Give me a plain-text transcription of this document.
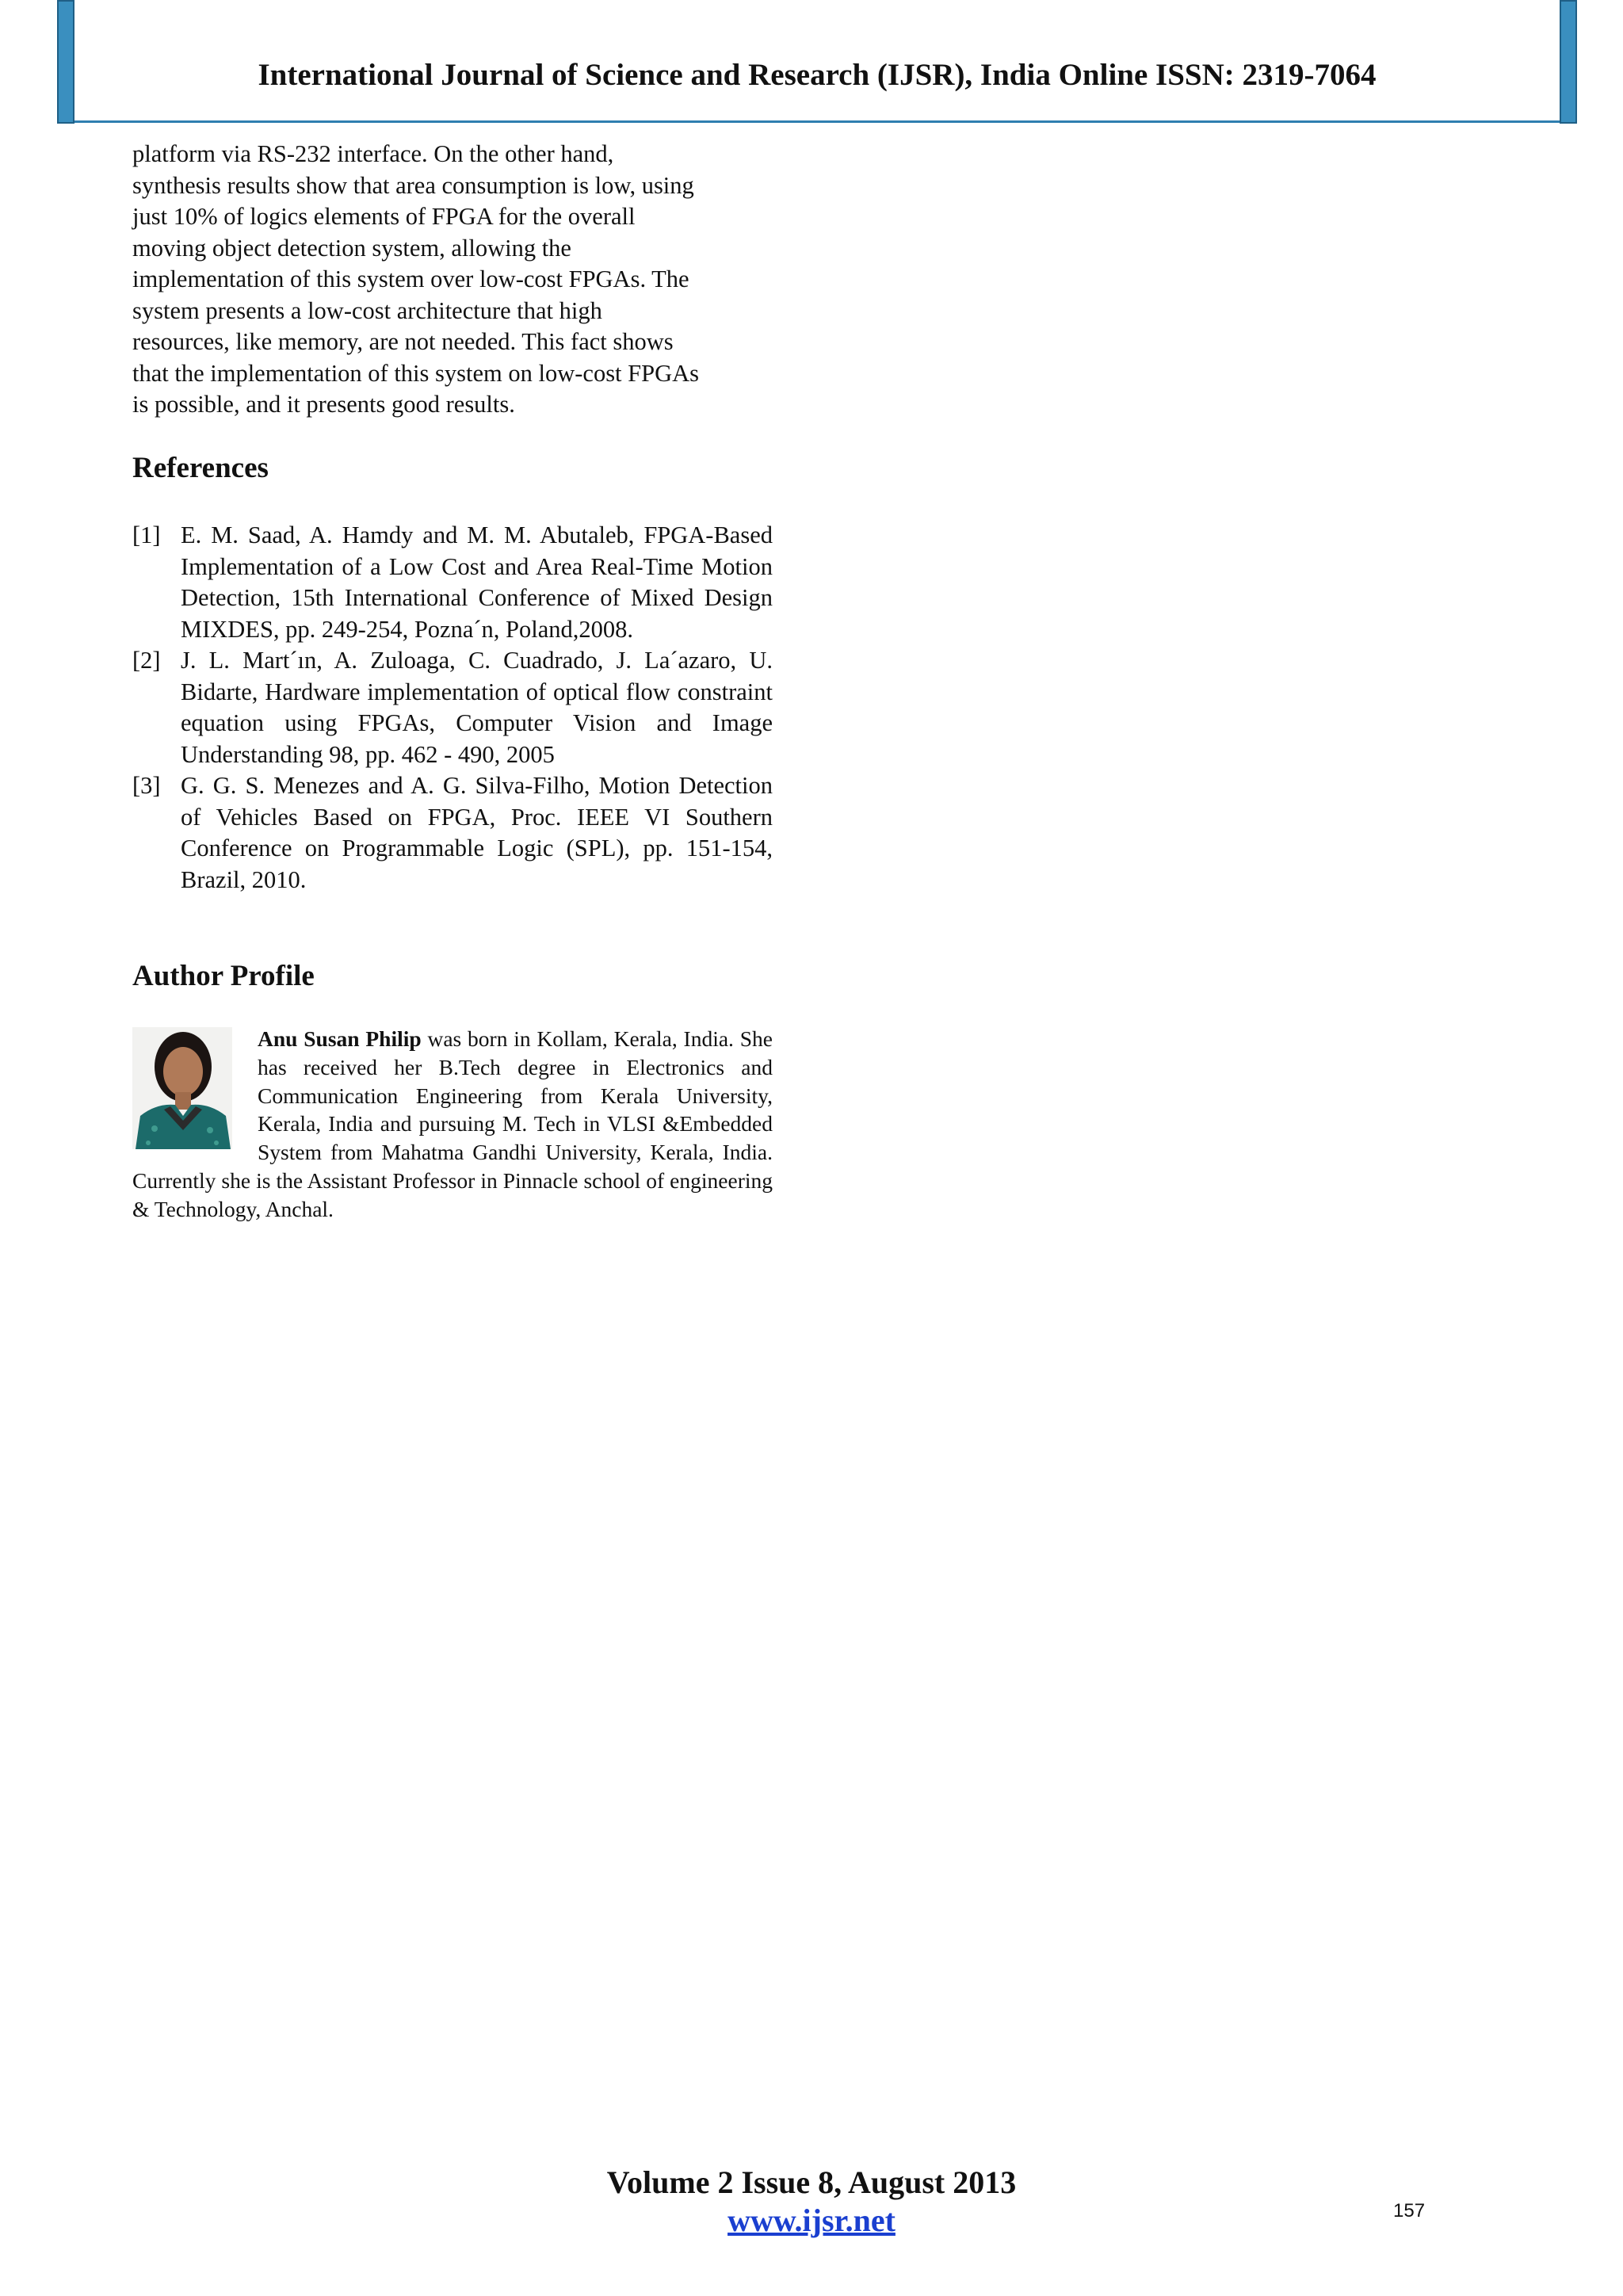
International Journal of Science and Research (IJSR), India Online ISSN: 2319-7064

platform via RS-232 interface. On the other hand,

synthesis results show that area consumption is low, using

just 10% of logics elements of FPGA for the overall

moving object detection system, allowing the

implementation of this system over low-cost FPGAs. The

system presents a low-cost architecture that high

resources, like memory, are not needed. This fact shows

that the implementation of this system on low-cost FPGAs

is possible, and it presents good results.

References
[1] E. M. Saad, A. Hamdy and M. M. Abutaleb, FPGA-Based Implementation of a Low Cost and Area Real-Time Motion Detection, 15th International Conference of Mixed Design MIXDES, pp. 249-254, Pozna´n, Poland,2008.
[2] J. L. Mart´ın, A. Zuloaga, C. Cuadrado, J. La´azaro, U. Bidarte, Hardware implementation of optical flow constraint equation using FPGAs, Computer Vision and Image Understanding 98, pp. 462 - 490, 2005
[3] G. G. S. Menezes and A. G. Silva-Filho, Motion Detection of Vehicles Based on FPGA, Proc. IEEE VI Southern Conference on Programmable Logic (SPL), pp. 151-154, Brazil, 2010.
Author Profile
Anu Susan Philip was born in Kollam, Kerala, India. She has received her B.Tech degree in Electronics and Communication Engineering from Kerala University, Kerala, India and pursuing M. Tech in VLSI &Embedded System from Mahatma Gandhi University, Kerala, India. Currently she is the Assistant Professor in Pinnacle school of engineering & Technology, Anchal.
Volume 2 Issue 8, August 2013
www.ijsr.net	157
